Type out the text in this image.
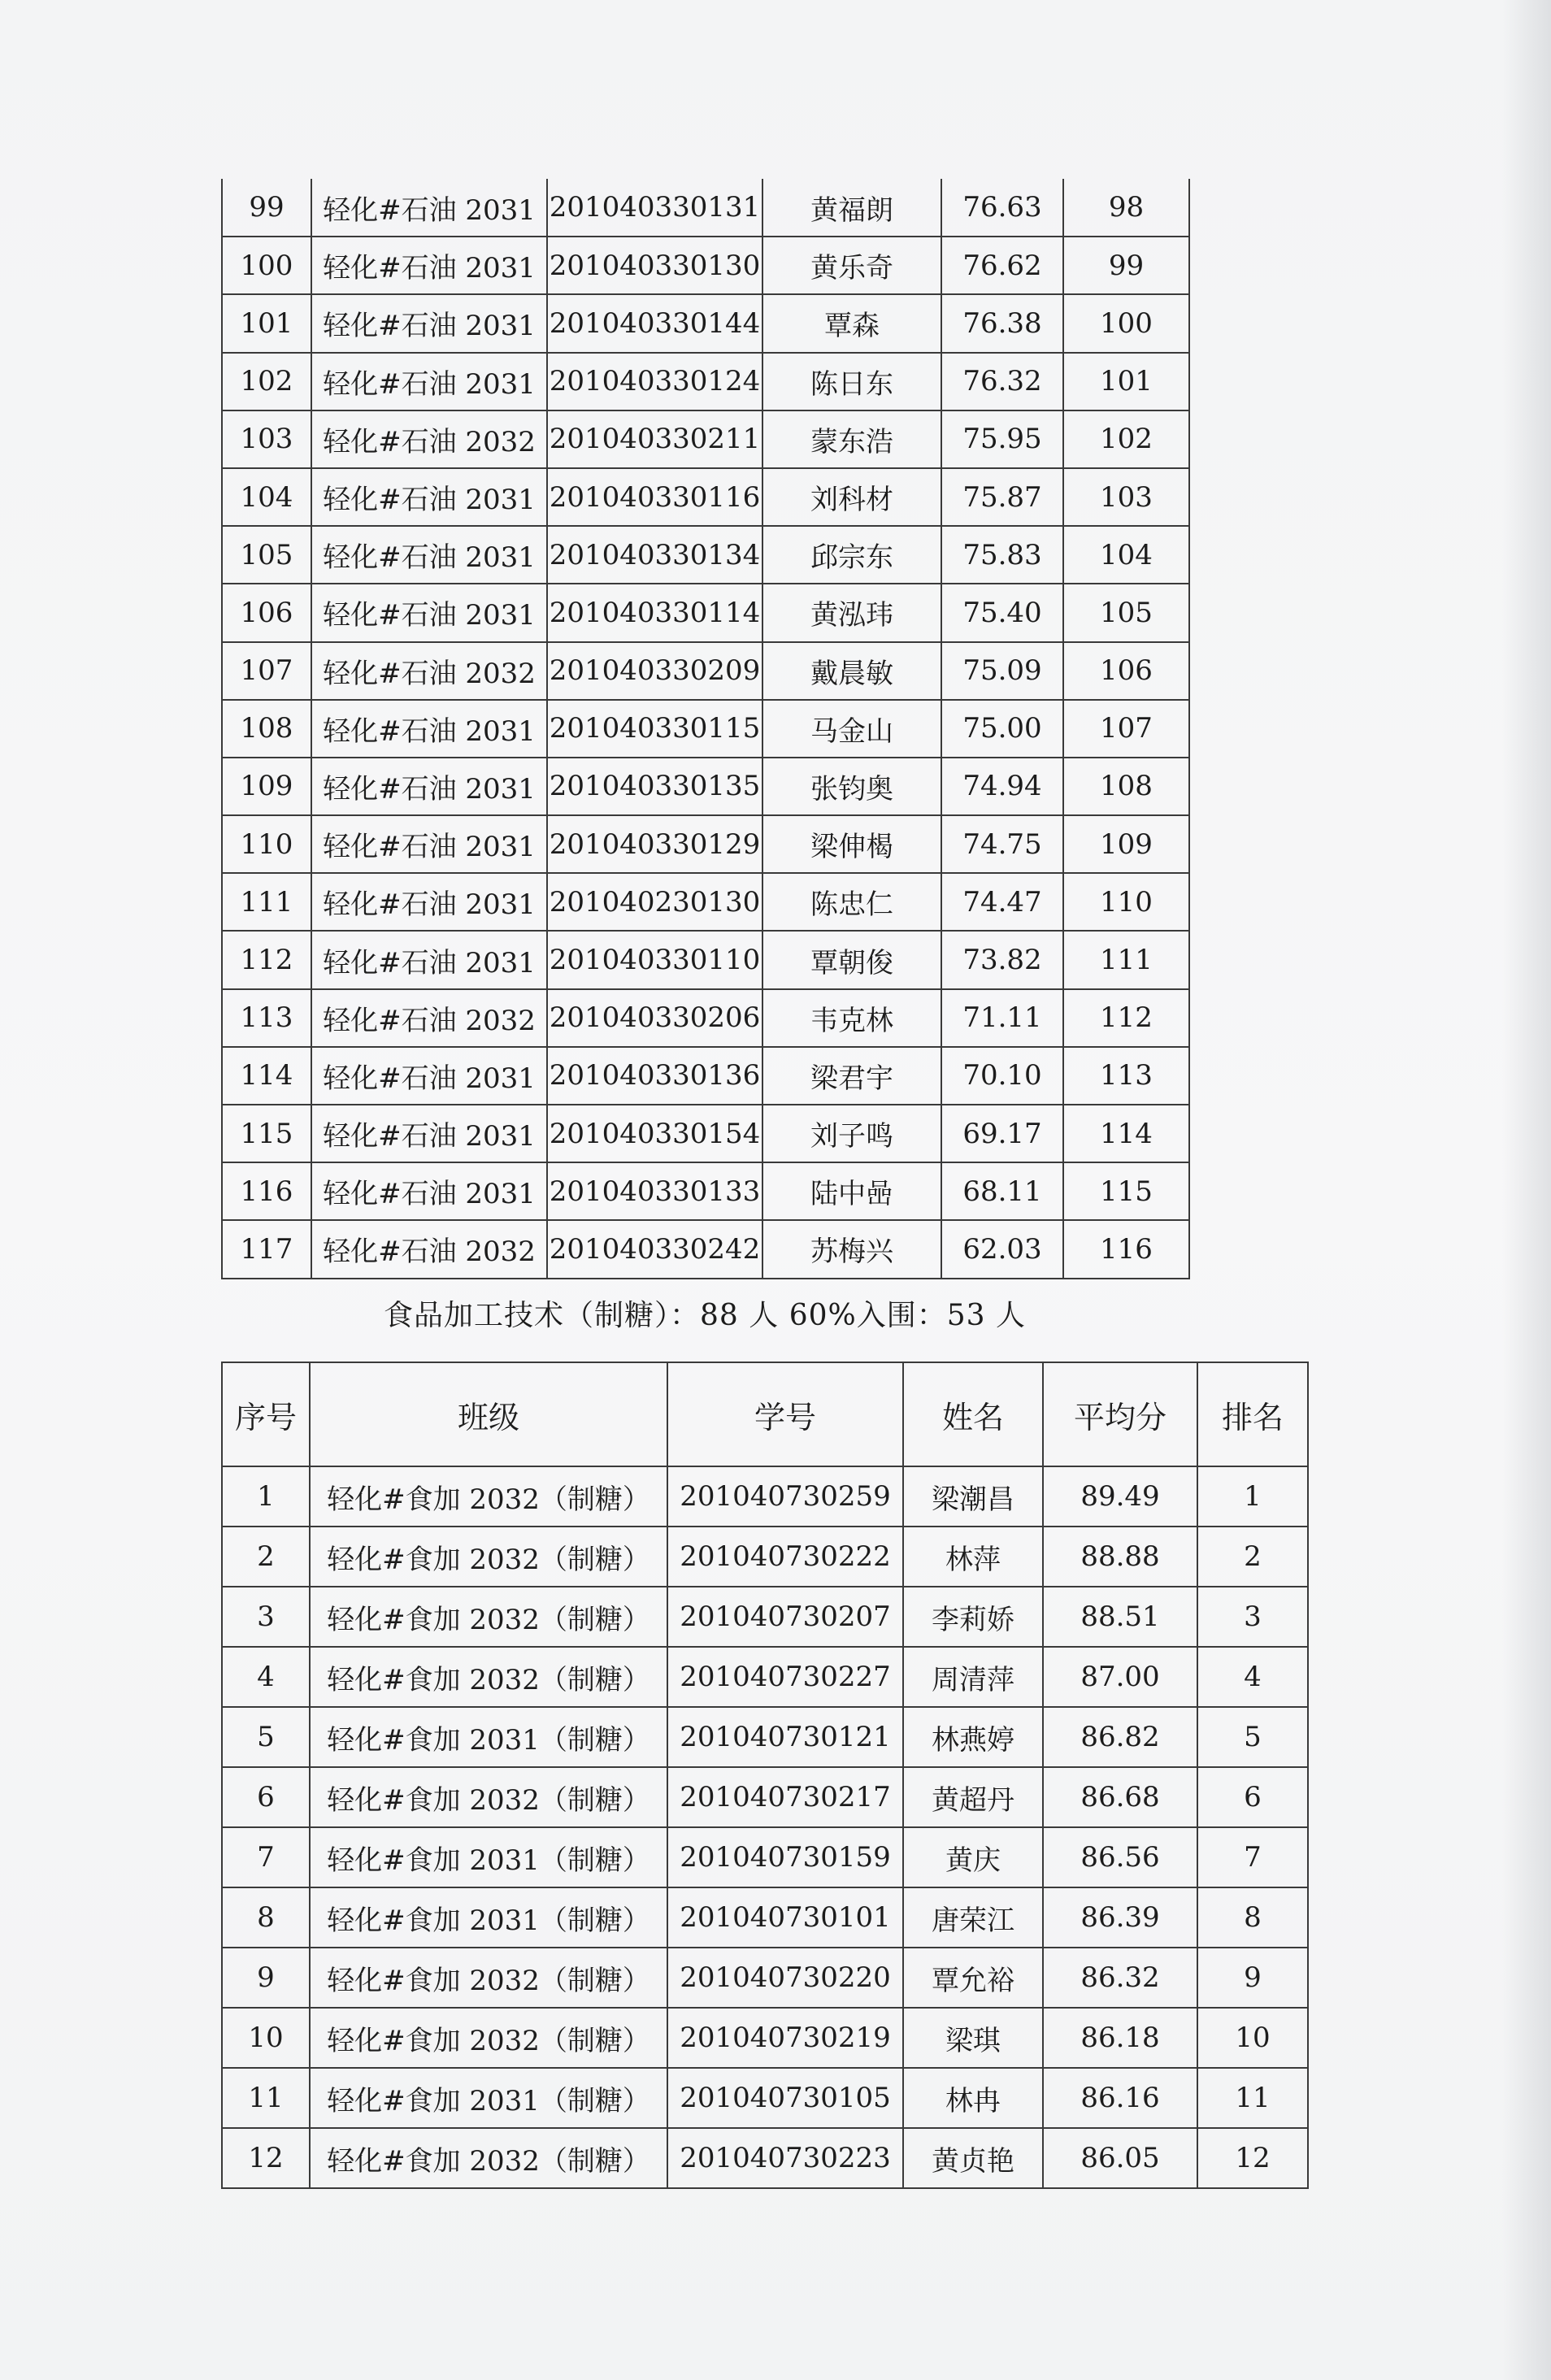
99	轻化#石油 2031	201040330131	黄福朗	76.63	98
100	轻化#石油 2031	201040330130	黄乐奇	76.62	99
101	轻化#石油 2031	201040330144	覃森	76.38	100
102	轻化#石油 2031	201040330124	陈日东	76.32	101
103	轻化#石油 2032	201040330211	蒙东浩	75.95	102
104	轻化#石油 2031	201040330116	刘科材	75.87	103
105	轻化#石油 2031	201040330134	邱宗东	75.83	104
106	轻化#石油 2031	201040330114	黄泓玮	75.40	105
107	轻化#石油 2032	201040330209	戴晨敏	75.09	106
108	轻化#石油 2031	201040330115	马金山	75.00	107
109	轻化#石油 2031	201040330135	张钧奥	74.94	108
110	轻化#石油 2031	201040330129	梁伸楬	74.75	109
111	轻化#石油 2031	201040230130	陈忠仁	74.47	110
112	轻化#石油 2031	201040330110	覃朝俊	73.82	111
113	轻化#石油 2032	201040330206	韦克林	71.11	112
114	轻化#石油 2031	201040330136	梁君宇	70.10	113
115	轻化#石油 2031	201040330154	刘子鸣	69.17	114
116	轻化#石油 2031	201040330133	陆中喦	68.11	115
117	轻化#石油 2032	201040330242	苏梅兴	62.03	116
食品加工技术（制糖）：88 人 60%入围：53 人
序号	班级	学号	姓名	平均分	排名
1	轻化#食加 2032（制糖）	201040730259	梁潮昌	89.49	1
2	轻化#食加 2032（制糖）	201040730222	林萍	88.88	2
3	轻化#食加 2032（制糖）	201040730207	李莉娇	88.51	3
4	轻化#食加 2032（制糖）	201040730227	周清萍	87.00	4
5	轻化#食加 2031（制糖）	201040730121	林燕婷	86.82	5
6	轻化#食加 2032（制糖）	201040730217	黄超丹	86.68	6
7	轻化#食加 2031（制糖）	201040730159	黄庆	86.56	7
8	轻化#食加 2031（制糖）	201040730101	唐荣江	86.39	8
9	轻化#食加 2032（制糖）	201040730220	覃允裕	86.32	9
10	轻化#食加 2032（制糖）	201040730219	梁琪	86.18	10
11	轻化#食加 2031（制糖）	201040730105	林冉	86.16	11
12	轻化#食加 2032（制糖）	201040730223	黄贞艳	86.05	12
